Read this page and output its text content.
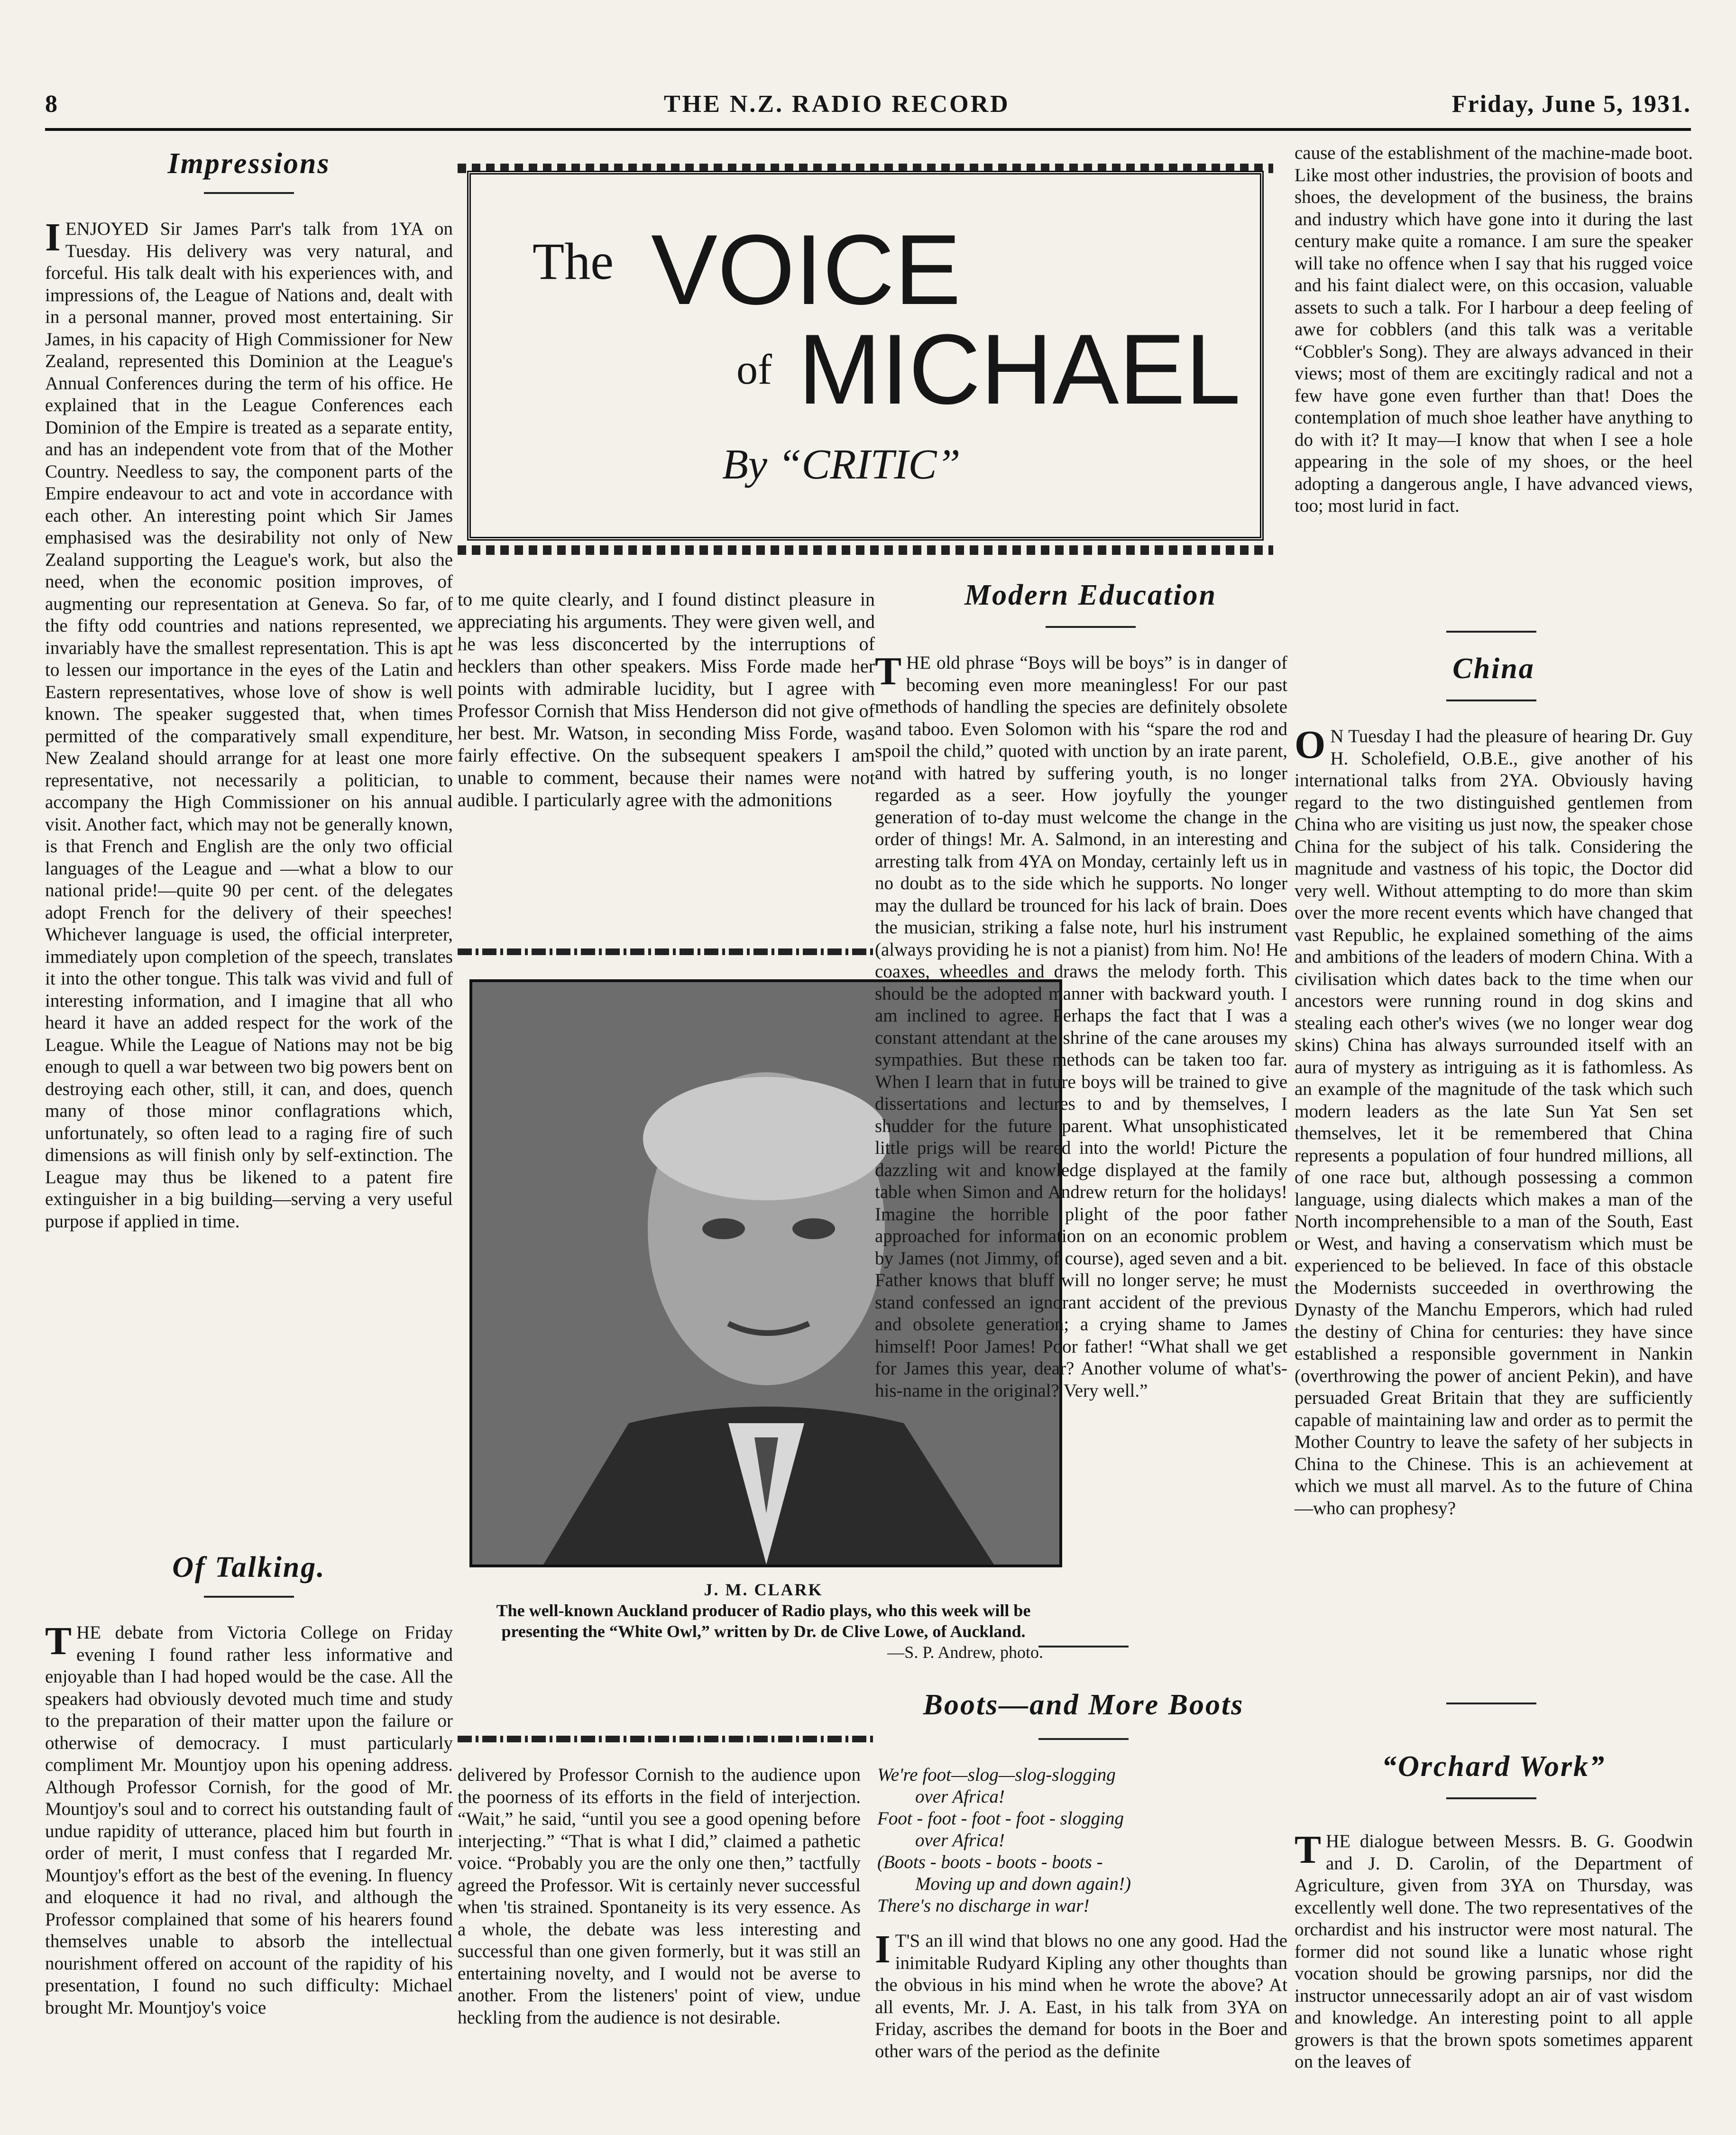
8	THE N.Z. RADIO RECORD	Friday, June 5, 1931.
Impressions
I ENJOYED Sir James Parr's talk from 1YA on Tuesday. His delivery was very natural, and forceful. His talk dealt with his experiences with, and impressions of, the League of Nations and, dealt with in a personal manner, proved most entertaining. Sir James, in his capacity of High Commissioner for New Zealand, represented this Dominion at the League's Annual Conferences during the term of his office. He explained that in the League Conferences each Dominion of the Empire is treated as a separate entity, and has an independent vote from that of the Mother Country. Needless to say, the component parts of the Empire endeavour to act and vote in accordance with each other. An interesting point which Sir James emphasised was the desirability not only of New Zealand supporting the League's work, but also the need, when the economic position improves, of augmenting our representation at Geneva. So far, of the fifty odd countries and nations represented, we invariably have the smallest representation. This is apt to lessen our importance in the eyes of the Latin and Eastern representatives, whose love of show is well known. The speaker suggested that, when times permitted of the comparatively small expenditure, New Zealand should arrange for at least one more representative, not necessarily a politician, to accompany the High Commissioner on his annual visit. Another fact, which may not be generally known, is that French and English are the only two official languages of the League and —what a blow to our national pride!—quite 90 per cent. of the delegates adopt French for the delivery of their speeches! Whichever language is used, the official interpreter, immediately upon completion of the speech, translates it into the other tongue. This talk was vivid and full of interesting information, and I imagine that all who heard it have an added respect for the work of the League. While the League of Nations may not be big enough to quell a war between two big powers bent on destroying each other, still, it can, and does, quench many of those minor conflagrations which, unfortunately, so often lead to a raging fire of such dimensions as will finish only by self-extinction. The League may thus be likened to a patent fire extinguisher in a big building—serving a very useful purpose if applied in time.
Of Talking.
T HE debate from Victoria College on Friday evening I found rather less informative and enjoyable than I had hoped would be the case. All the speakers had obviously devoted much time and study to the preparation of their matter upon the failure or otherwise of democracy. I must particularly compliment Mr. Mountjoy upon his opening address. Although Professor Cornish, for the good of Mr. Mountjoy's soul and to correct his outstanding fault of undue rapidity of utterance, placed him but fourth in order of merit, I must confess that I regarded Mr. Mountjoy's effort as the best of the evening. In fluency and eloquence it had no rival, and although the Professor complained that some of his hearers found themselves unable to absorb the intellectual nourishment offered on account of the rapidity of his presentation, I found no such difficulty: Michael brought Mr. Mountjoy's voice
The VOICE
of MICHAEL
By “CRITIC”
to me quite clearly, and I found distinct pleasure in appreciating his arguments. They were given well, and he was less disconcerted by the interruptions of hecklers than other speakers. Miss Forde made her points with admirable lucidity, but I agree with Professor Cornish that Miss Henderson did not give of her best. Mr. Watson, in seconding Miss Forde, was fairly effective. On the subsequent speakers I am unable to comment, because their names were not audible. I particularly agree with the admonitions
J. M. CLARK
The well-known Auckland producer of Radio plays, who this week will be presenting the “White Owl,” written by Dr. de Clive Lowe, of Auckland.
—S. P. Andrew, photo.
delivered by Professor Cornish to the audience upon the poorness of its efforts in the field of interjection. “Wait,” he said, “until you see a good opening before interjecting.” “That is what I did,” claimed a pathetic voice. “Probably you are the only one then,” tactfully agreed the Professor. Wit is certainly never successful when 'tis strained. Spontaneity is its very essence. As a whole, the debate was less interesting and successful than one given formerly, but it was still an entertaining novelty, and I would not be averse to another. From the listeners' point of view, undue heckling from the audience is not desirable.
Modern Education
T HE old phrase “Boys will be boys” is in danger of becoming even more meaningless! For our past methods of handling the species are definitely obsolete and taboo. Even Solomon with his “spare the rod and spoil the child,” quoted with unction by an irate parent, and with hatred by suffering youth, is no longer regarded as a seer. How joyfully the younger generation of to-day must welcome the change in the order of things! Mr. A. Salmond, in an interesting and arresting talk from 4YA on Monday, certainly left us in no doubt as to the side which he supports. No longer may the dullard be trounced for his lack of brain. Does the musician, striking a false note, hurl his instrument (always providing he is not a pianist) from him. No! He coaxes, wheedles and draws the melody forth. This should be the adopted manner with backward youth. I am inclined to agree. Perhaps the fact that I was a constant attendant at the shrine of the cane arouses my sympathies. But these methods can be taken too far. When I learn that in future boys will be trained to give dissertations and lectures to and by themselves, I shudder for the future parent. What unsophisticated little prigs will be reared into the world! Picture the dazzling wit and knowledge displayed at the family table when Simon and Andrew return for the holidays! Imagine the horrible plight of the poor father approached for information on an economic problem by James (not Jimmy, of course), aged seven and a bit. Father knows that bluff will no longer serve; he must stand confessed an ignorant accident of the previous and obsolete generation; a crying shame to James himself! Poor James! Poor father! “What shall we get for James this year, dear? Another volume of what's-his-name in the original? Very well.”
Boots—and More Boots
We're foot—slog—slog-slogging
over Africa!
Foot - foot - foot - foot - slogging
over Africa!
(Boots - boots - boots - boots -
Moving up and down again!)
There's no discharge in war!
I T'S an ill wind that blows no one any good. Had the inimitable Rudyard Kipling any other thoughts than the obvious in his mind when he wrote the above? At all events, Mr. J. A. East, in his talk from 3YA on Friday, ascribes the demand for boots in the Boer and other wars of the period as the definite
cause of the establishment of the machine-made boot. Like most other industries, the provision of boots and shoes, the development of the business, the brains and industry which have gone into it during the last century make quite a romance. I am sure the speaker will take no offence when I say that his rugged voice and his faint dialect were, on this occasion, valuable assets to such a talk. For I harbour a deep feeling of awe for cobblers (and this talk was a veritable “Cobbler's Song). They are always advanced in their views; most of them are excitingly radical and not a few have gone even further than that! Does the contemplation of much shoe leather have anything to do with it? It may—I know that when I see a hole appearing in the sole of my shoes, or the heel adopting a dangerous angle, I have advanced views, too; most lurid in fact.
China
O N Tuesday I had the pleasure of hearing Dr. Guy H. Scholefield, O.B.E., give another of his international talks from 2YA. Obviously having regard to the two distinguished gentlemen from China who are visiting us just now, the speaker chose China for the subject of his talk. Considering the magnitude and vastness of his topic, the Doctor did very well. Without attempting to do more than skim over the more recent events which have changed that vast Republic, he explained something of the aims and ambitions of the leaders of modern China. With a civilisation which dates back to the time when our ancestors were running round in dog skins and stealing each other's wives (we no longer wear dog skins) China has always surrounded itself with an aura of mystery as intriguing as it is fathomless. As an example of the magnitude of the task which such modern leaders as the late Sun Yat Sen set themselves, let it be remembered that China represents a population of four hundred millions, all of one race but, although possessing a common language, using dialects which makes a man of the North incomprehensible to a man of the South, East or West, and having a conservatism which must be experienced to be believed. In face of this obstacle the Modernists succeeded in overthrowing the Dynasty of the Manchu Emperors, which had ruled the destiny of China for centuries: they have since established a responsible government in Nankin (overthrowing the power of ancient Pekin), and have persuaded Great Britain that they are sufficiently capable of maintaining law and order as to permit the Mother Country to leave the safety of her subjects in China to the Chinese. This is an achievement at which we must all marvel. As to the future of China—who can prophesy?
“Orchard Work”
T HE dialogue between Messrs. B. G. Goodwin and J. D. Carolin, of the Department of Agriculture, given from 3YA on Thursday, was excellently well done. The two representatives of the orchardist and his instructor were most natural. The former did not sound like a lunatic whose right vocation should be growing parsnips, nor did the instructor unnecessarily adopt an air of vast wisdom and knowledge. An interesting point to all apple growers is that the brown spots sometimes apparent on the leaves of
